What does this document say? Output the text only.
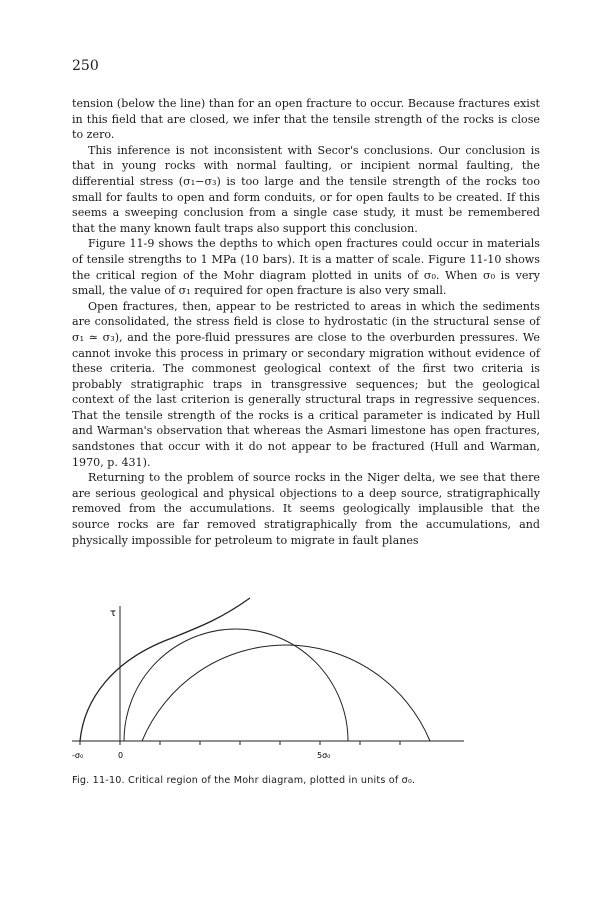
250

tension (below the line) than for an open fracture to occur. Because fractures exist in this field that are closed, we infer that the tensile strength of the rocks is close to zero.

This inference is not inconsistent with Secor's conclusions. Our conclusion is that in young rocks with normal faulting, or incipient normal faulting, the differential stress (σ₁−σ₃) is too large and the tensile strength of the rocks too small for faults to open and form conduits, or for open faults to be created. If this seems a sweeping conclusion from a single case study, it must be remembered that the many known fault traps also support this conclusion.

Figure 11-9 shows the depths to which open fractures could occur in materials of tensile strengths to 1 MPa (10 bars). It is a matter of scale. Figure 11-10 shows the critical region of the Mohr diagram plotted in units of σ₀. When σ₀ is very small, the value of σ₁ required for open fracture is also very small.

Open fractures, then, appear to be restricted to areas in which the sediments are consolidated, the stress field is close to hydrostatic (in the structural sense of σ₁ ≃ σ₃), and the pore-fluid pressures are close to the overburden pressures. We cannot invoke this process in primary or secondary migration without evidence of these criteria. The commonest geological context of the first two criteria is probably stratigraphic traps in transgressive sequences; but the geological context of the last criterion is generally structural traps in regressive sequences. That the tensile strength of the rocks is a critical parameter is indicated by Hull and Warman's observation that whereas the Asmari limestone has open fractures, sandstones that occur with it do not appear to be fractured (Hull and Warman, 1970, p. 431).

Returning to the problem of source rocks in the Niger delta, we see that there are serious geological and physical objections to a deep source, stratigraphically removed from the accumulations. It seems geologically implausible that the source rocks are far removed stratigraphically from the accumulations, and physically impossible for petroleum to migrate in fault planes

τ
-σ₀	0	5σ₀
Fig. 11-10. Critical region of the Mohr diagram, plotted in units of σ₀.
